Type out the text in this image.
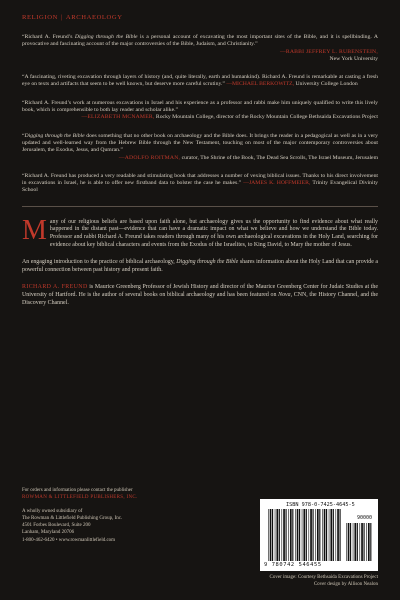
RELIGION | ARCHAEOLOGY
“Richard A. Freund’s Digging through the Bible is a personal account of excavating the most important sites of the Bible, and it is spellbinding. A provocative and fascinating account of the major controversies of the Bible, Judaism, and Christianity.”
—RABBI JEFFREY L. RUBENSTEIN,
New York University
“A fascinating, riveting excavation through layers of history (and, quite literally, earth and humankind). Richard A. Freund is remarkable at casting a fresh eye on texts and artifacts that seem to be well known, but deserve more careful scrutiny.” —MICHAEL BERKOWITZ, University College London
“Richard A. Freund’s work at numerous excavations in Israel and his experience as a professor and rabbi make him uniquely qualified to write this lively book, which is comprehensible to both lay reader and scholar alike.”
—ELIZABETH MCNAMER, Rocky Mountain College, director of the Rocky Mountain College Bethsaida Excavations Project
“Digging through the Bible does something that no other book on archaeology and the Bible does. It brings the reader in a pedagogical as well as in a very updated and well-learned way from the Hebrew Bible through the New Testament, touching on most of the major contemporary controversies about Jerusalem, the Exodus, Jesus, and Qumran.”
—ADOLFO ROITMAN, curator, The Shrine of the Book, The Dead Sea Scrolls, The Israel Museum, Jerusalem
“Richard A. Freund has produced a very readable and stimulating book that addresses a number of vexing biblical issues. Thanks to his direct involvement in excavations in Israel, he is able to offer new firstband data to bolster the case he makes.” —JAMES K. HOFFMEIER, Trinity Evangelical Divinity School
Many of our religious beliefs are based upon faith alone, but archaeology gives us the opportunity to find evidence about what really happened in the distant past—evidence that can have a dramatic impact on what we believe and how we understand the Bible today. Professor and rabbi Richard A. Freund takes readers through many of his own archaeological excavations in the Holy Land, searching for evidence about key biblical characters and events from the Exodus of the Israelites, to King David, to Mary the mother of Jesus.
An engaging introduction to the practice of biblical archaeology, Digging through the Bible shares information about the Holy Land that can provide a powerful connection between past history and present faith.
RICHARD A. FREUND is Maurice Greenberg Professor of Jewish History and director of the Maurice Greenberg Center for Judaic Studies at the University of Hartford. He is the author of several books on biblical archaeology and has been featured on Nova, CNN, the History Channel, and the Discovery Channel.
For orders and information please contact the publisher
ROWMAN & LITTLEFIELD PUBLISHERS, INC.
A wholly owned subsidiary of
The Rowman & Littlefield Publishing Group, Inc.
4501 Forbes Boulevard, Suite 200
Lanham, Maryland 20706
1-800-462-6420 • www.rowmanlittlefield.com
ISBN 978-0-7425-4645-5
90000
9 780742 546455
Cover image: Courtesy Bethsaida Excavations Project
Cover design by Allison Nealon
